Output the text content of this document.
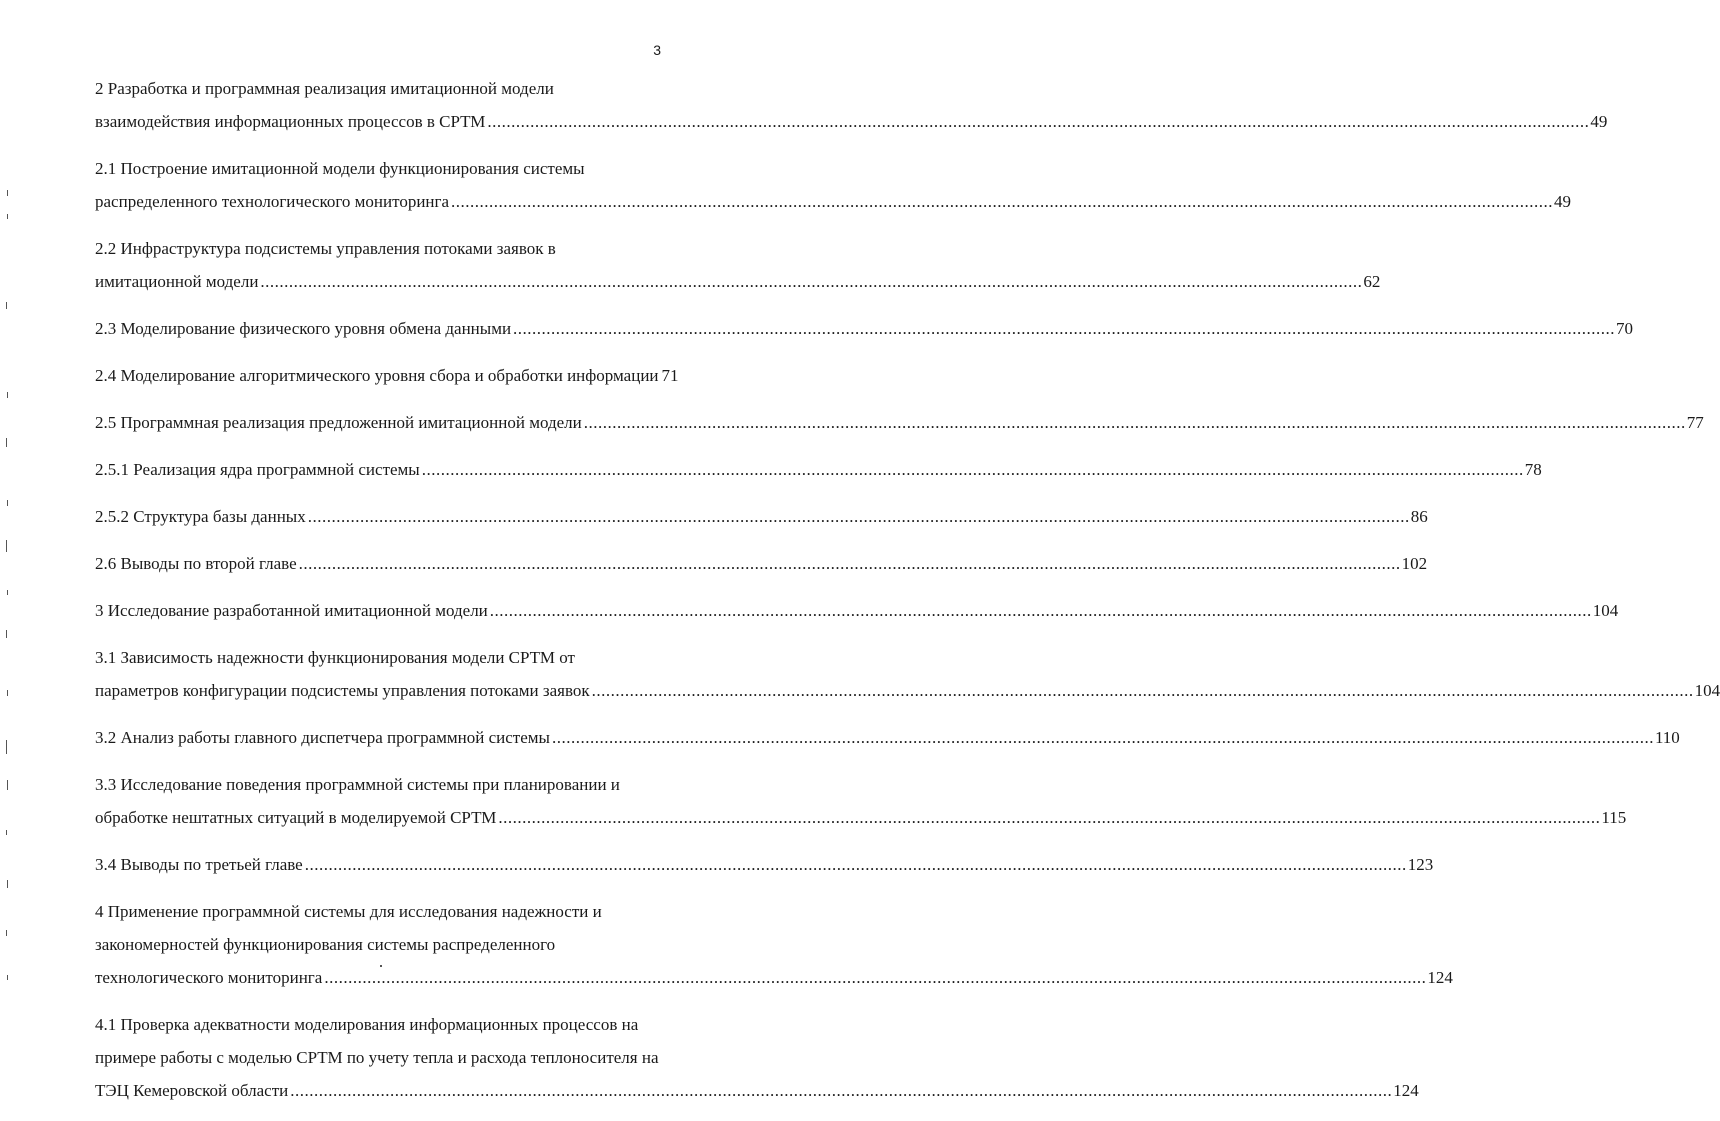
3
2 Разработка и программная реализация имитационной модели
взаимодействия информационных процессов в СРТМ .....	49
2.1 Построение имитационной модели функционирования системы
распределенного технологического мониторинга .....	49
2.2 Инфраструктура подсистемы управления потоками заявок в
имитационной модели .....	62
2.3 Моделирование физического уровня обмена данными .....	70
2.4 Моделирование алгоритмического уровня сбора и обработки информации 71
2.5 Программная реализация предложенной имитационной модели .....	77
2.5.1 Реализация ядра программной системы .....	78
2.5.2 Структура базы данных .....	86
2.6 Выводы по второй главе .....	102
3 Исследование разработанной имитационной модели .....	104
3.1 Зависимость надежности функционирования модели СРТМ от
параметров конфигурации подсистемы управления потоками заявок .....	104
3.2 Анализ работы главного диспетчера программной системы .....	110
3.3 Исследование поведения программной системы при планировании и
обработке нештатных ситуаций в моделируемой СРТМ .....	115
3.4 Выводы по третьей главе .....	123
4 Применение программной системы для исследования надежности и
закономерностей функционирования системы распределенного
технологического мониторинга .....	124
4.1 Проверка адекватности моделирования информационных процессов на
примере работы с моделью СРТМ по учету тепла и расхода теплоносителя на
ТЭЦ Кемеровской области .....	124
